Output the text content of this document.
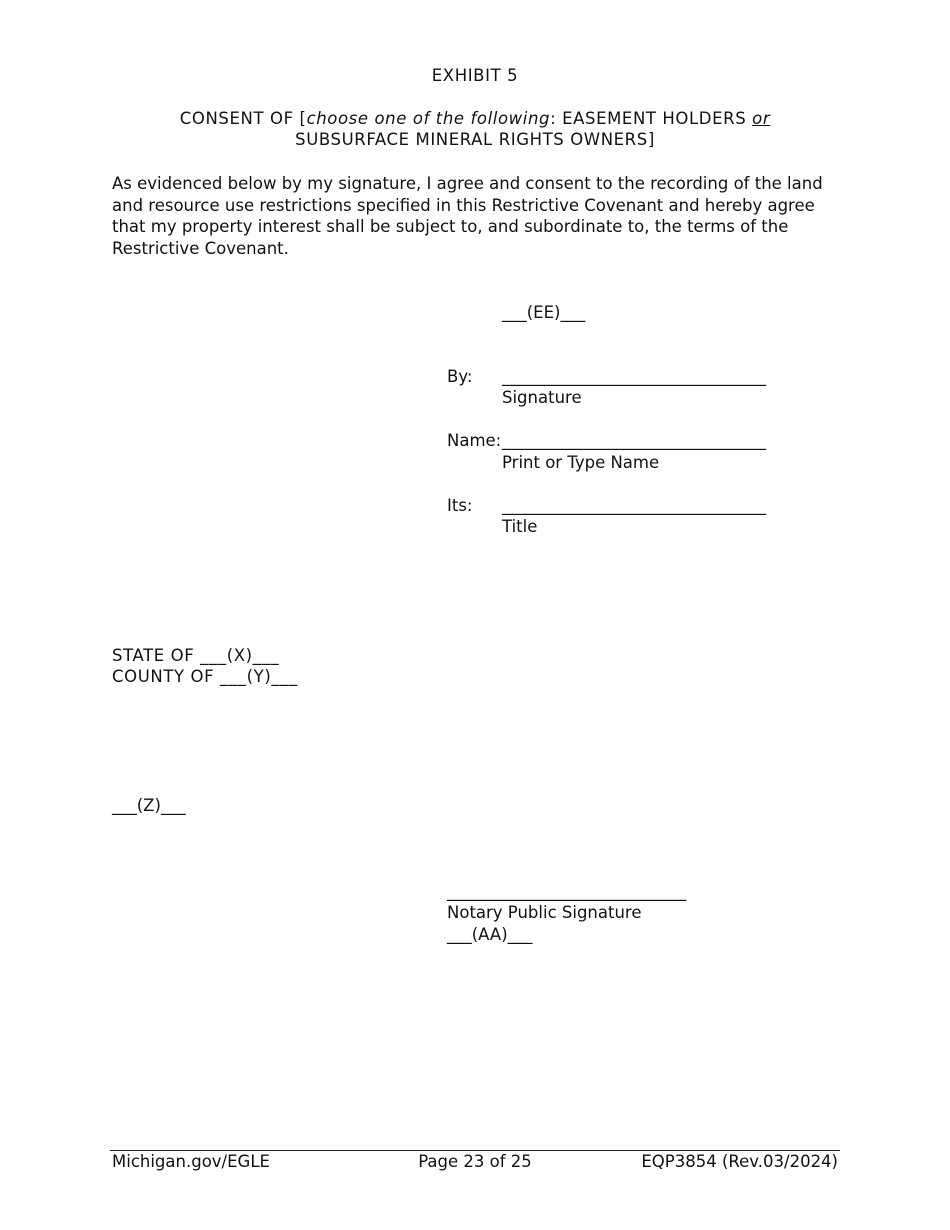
EXHIBIT 5
CONSENT OF [choose one of the following: EASEMENT HOLDERS or
SUBSURFACE MINERAL RIGHTS OWNERS]
As evidenced below by my signature, I agree and consent to the recording of the land and resource use restrictions specified in this Restrictive Covenant and hereby agree that my property interest shall be subject to, and subordinate to, the terms of the Restrictive Covenant.
___(EE)___
By: ________________________________
Signature
Name: ________________________________
Print or Type Name
Its: ________________________________
Title
STATE OF ___(X)___
COUNTY OF ___(Y)___
___(Z)___
_____________________________
Notary Public Signature
___(AA)___
Michigan.gov/EGLE	Page 23 of 25	EQP3854 (Rev.03/2024)
